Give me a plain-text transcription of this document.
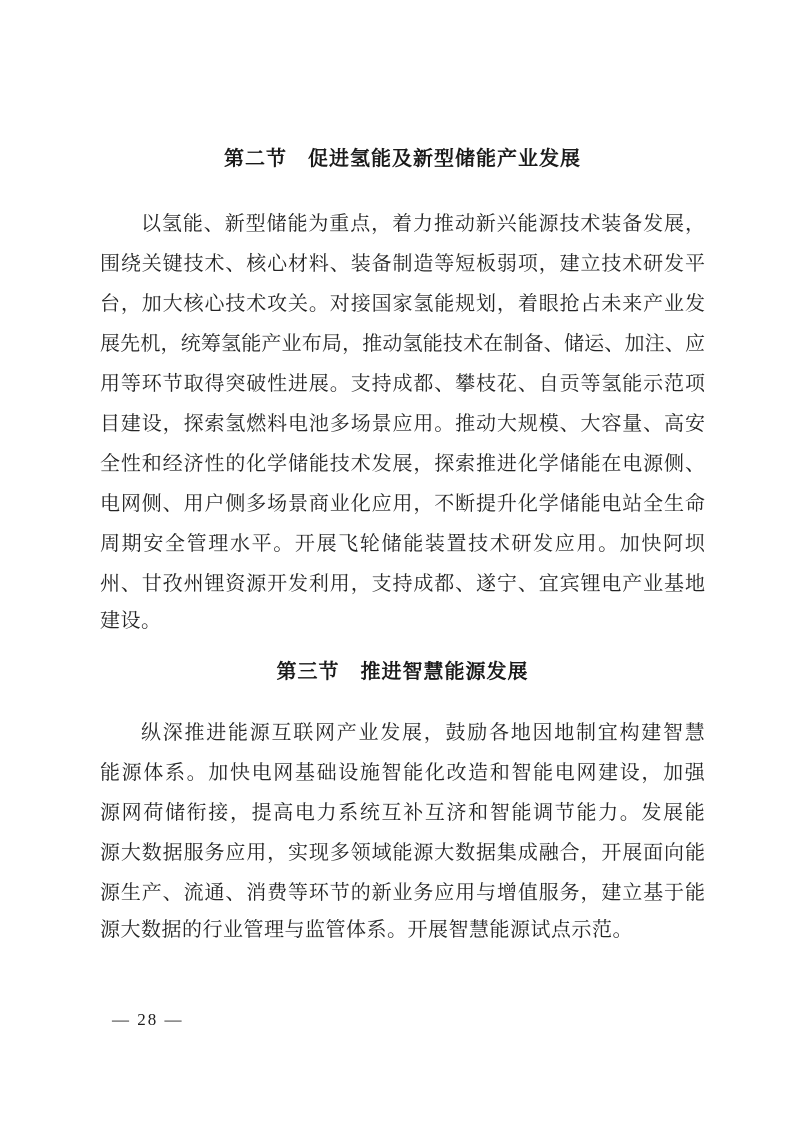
第二节　促进氢能及新型储能产业发展
以 氢 能 、 新 型 储 能 为 重 点 ， 着 力 推 动 新 兴 能 源 技 术 装 备 发 展 ，
围 绕 关 键 技 术 、 核 心 材 料 、 装 备 制 造 等 短 板 弱 项 ， 建 立 技 术 研 发 平
台 ， 加 大 核 心 技 术 攻 关 。 对 接 国 家 氢 能 规 划 ， 着 眼 抢 占 未 来 产 业 发
展 先 机 ， 统 筹 氢 能 产 业 布 局 ， 推 动 氢 能 技 术 在 制 备 、 储 运 、 加 注 、 应
用 等 环 节 取 得 突 破 性 进 展 。 支 持 成 都 、 攀 枝 花 、 自 贡 等 氢 能 示 范 项
目 建 设 ， 探 索 氢 燃 料 电 池 多 场 景 应 用 。 推 动 大 规 模 、 大 容 量 、 高 安
全 性 和 经 济 性 的 化 学 储 能 技 术 发 展 ， 探 索 推 进 化 学 储 能 在 电 源 侧 、
电 网 侧 、 用 户 侧 多 场 景 商 业 化 应 用 ， 不 断 提 升 化 学 储 能 电 站 全 生 命
周 期 安 全 管 理 水 平 。 开 展 飞 轮 储 能 装 置 技 术 研 发 应 用 。 加 快 阿 坝
州 、 甘 孜 州 锂 资 源 开 发 利 用 ， 支 持 成 都 、 遂 宁 、 宜 宾 锂 电 产 业 基 地
建设。
第三节　推进智慧能源发展
纵 深 推 进 能 源 互 联 网 产 业 发 展 ， 鼓 励 各 地 因 地 制 宜 构 建 智 慧
能 源 体 系 。 加 快 电 网 基 础 设 施 智 能 化 改 造 和 智 能 电 网 建 设 ， 加 强
源 网 荷 储 衔 接 ， 提 高 电 力 系 统 互 补 互 济 和 智 能 调 节 能 力 。 发 展 能
源 大 数 据 服 务 应 用 ， 实 现 多 领 域 能 源 大 数 据 集 成 融 合 ， 开 展 面 向 能
源 生 产 、 流 通 、 消 费 等 环 节 的 新 业 务 应 用 与 增 值 服 务 ， 建 立 基 于 能
源大数据的行业管理与监管体系。开展智慧能源试点示范。
— 28 —
